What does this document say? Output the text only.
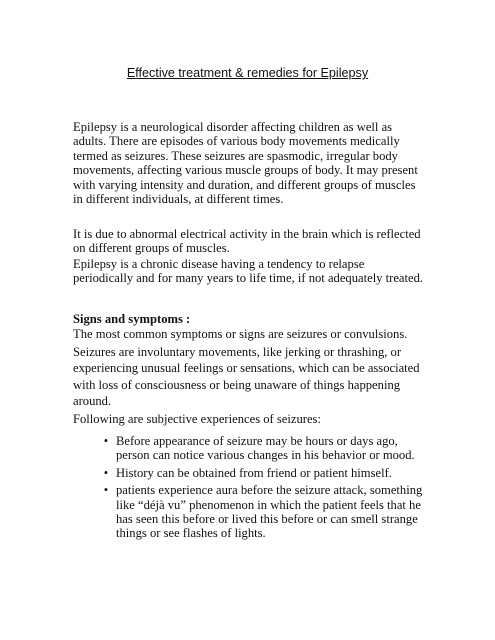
Effective treatment & remedies for Epilepsy

Epilepsy is a neurological disorder affecting children as well as adults. There are episodes of various body movements medically termed as seizures. These seizures are spasmodic, irregular body movements, affecting various muscle groups of body. It may present with varying intensity and duration, and different groups of muscles in different individuals, at different times.

It is due to abnormal electrical activity in the brain which is reflected on different groups of muscles.

Epilepsy is a chronic disease having a tendency to relapse periodically and for many years to life time, if not adequately treated.

Signs and symptoms :

The most common symptoms or signs are seizures or convulsions.

Seizures are involuntary movements, like jerking or thrashing, or experiencing unusual feelings or sensations, which can be associated with loss of consciousness or being unaware of things happening around.

Following are subjective experiences of seizures:

• Before appearance of seizure may be hours or days ago, person can notice various changes in his behavior or mood.
• History can be obtained from friend or patient himself.
• patients experience aura before the seizure attack, something like “déjà vu” phenomenon in which the patient feels that he has seen this before or lived this before or can smell strange things or see flashes of lights.
